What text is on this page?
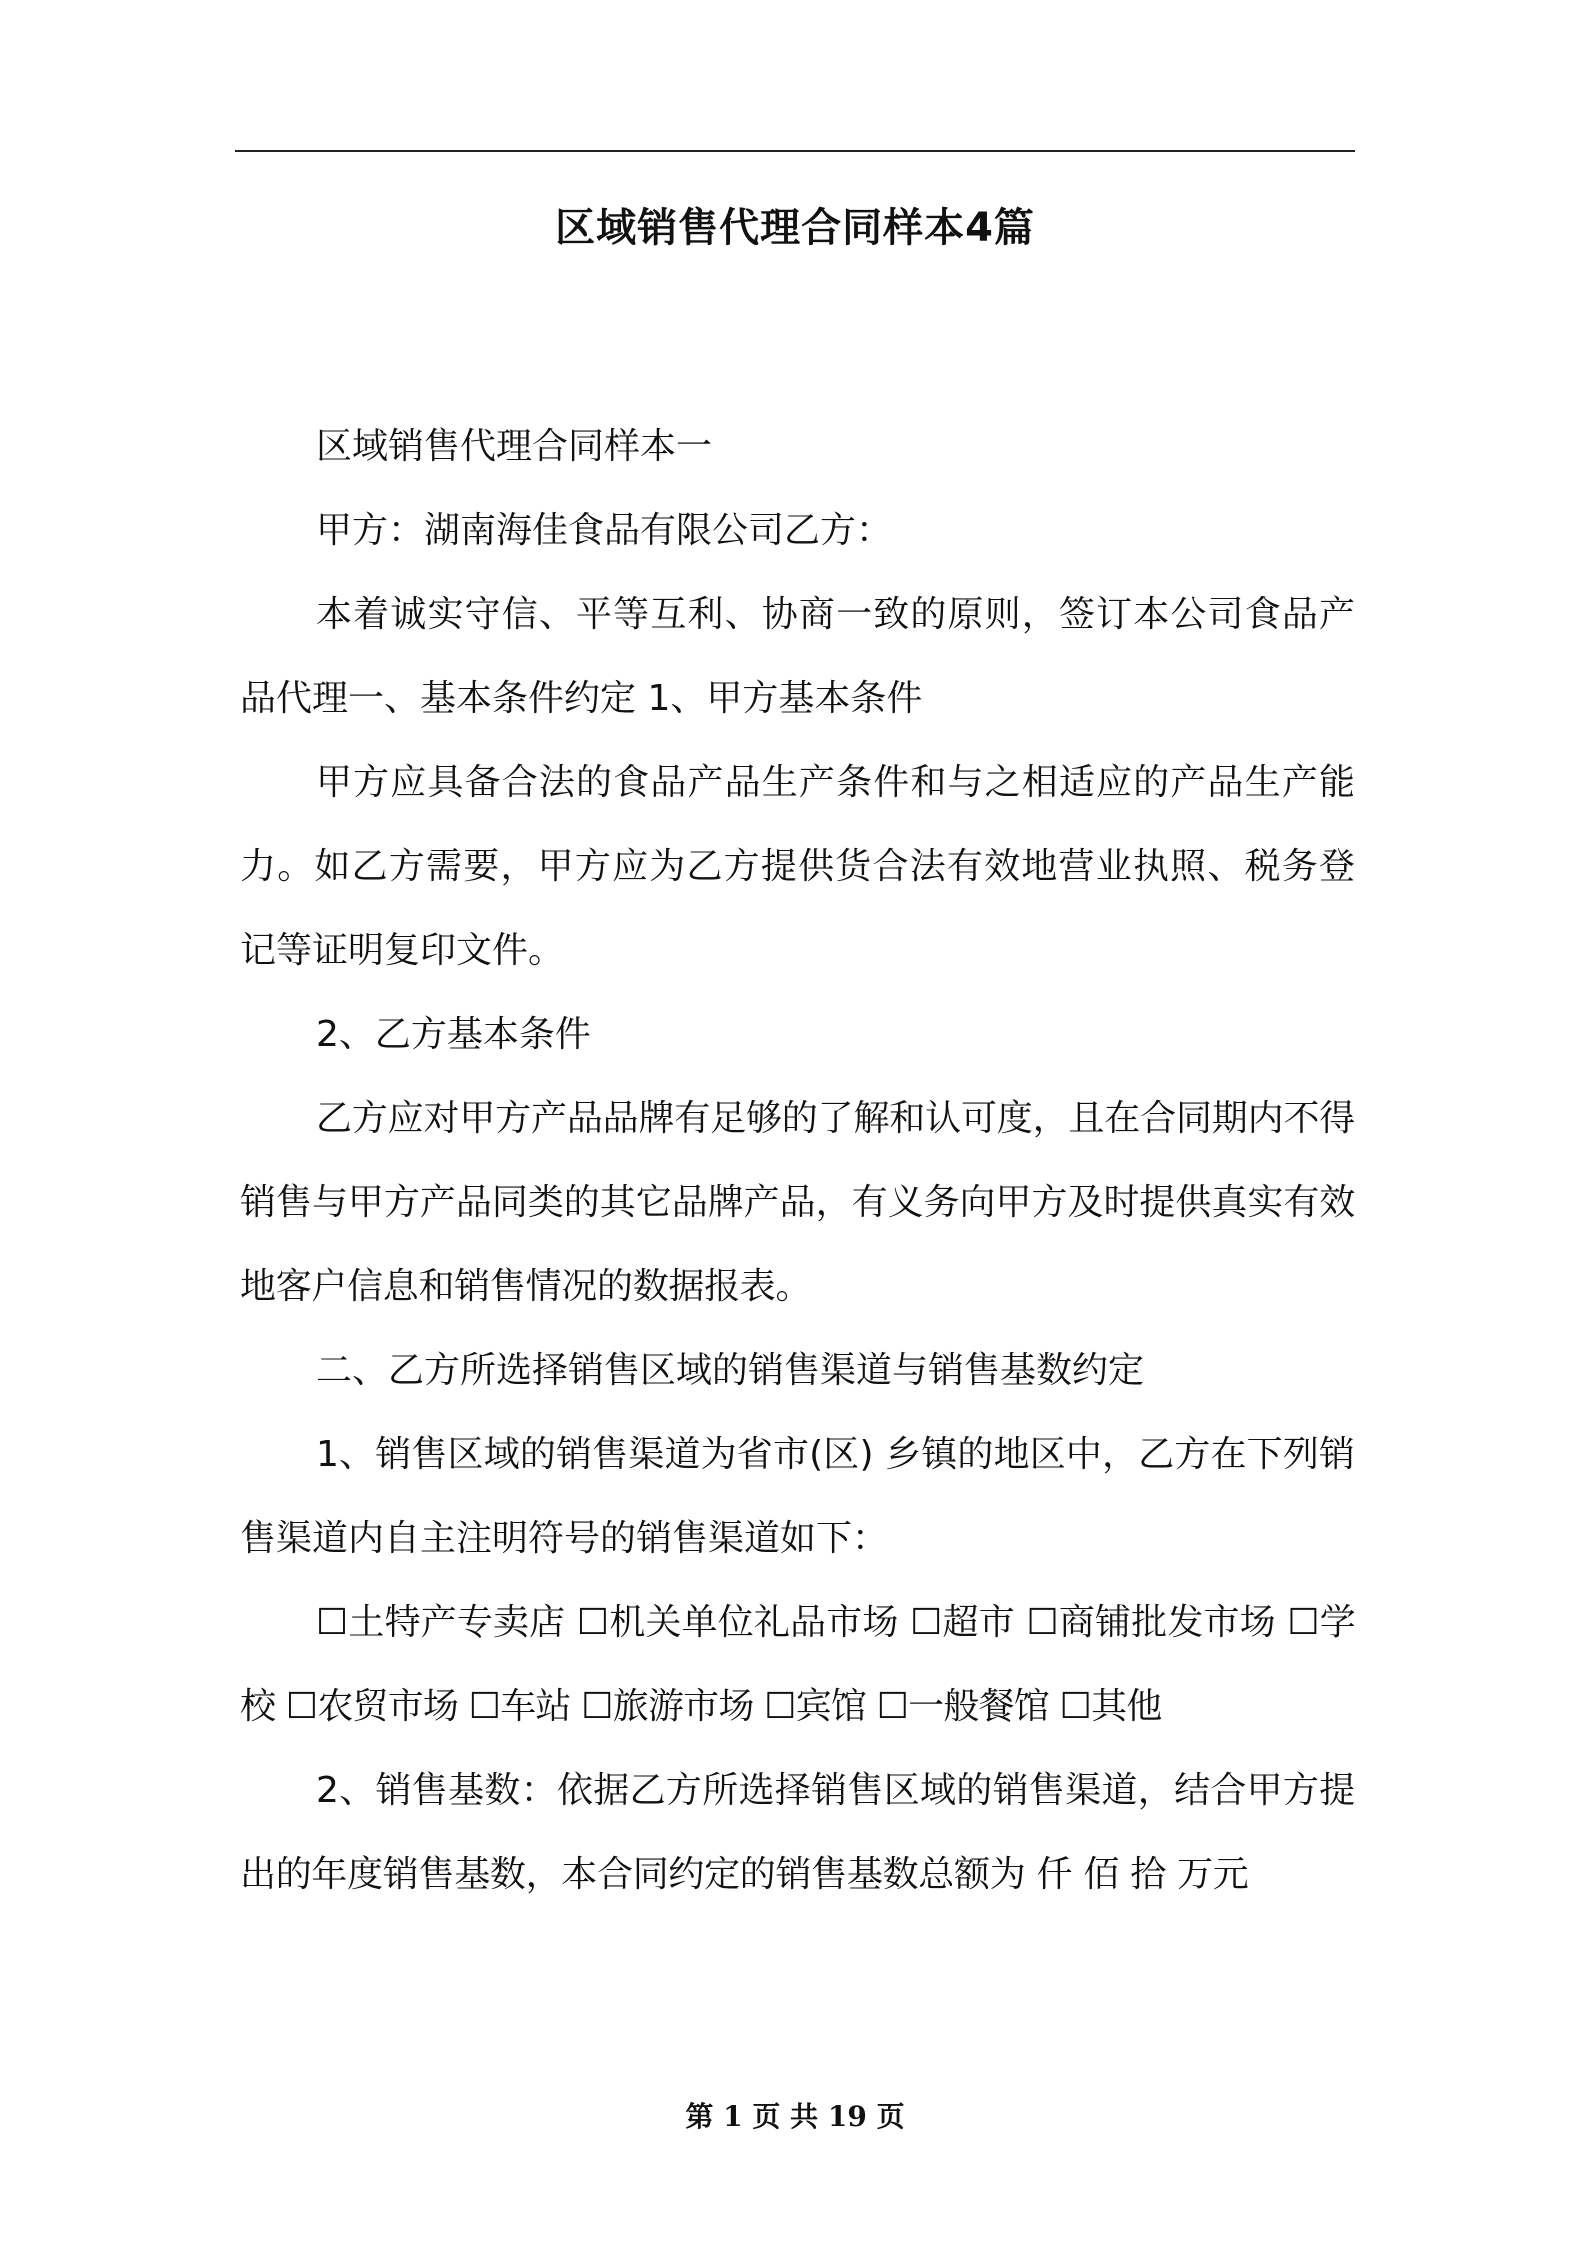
区域销售代理合同样本4篇

区域销售代理合同样本一

甲方：湖南海佳食品有限公司乙方：

本着诚实守信、平等互利、协商一致的原则，签订本公司食品产品代理一、基本条件约定 1、甲方基本条件

甲方应具备合法的食品产品生产条件和与之相适应的产品生产能力。如乙方需要，甲方应为乙方提供货合法有效地营业执照、税务登记等证明复印文件。

2、乙方基本条件

乙方应对甲方产品品牌有足够的了解和认可度，且在合同期内不得销售与甲方产品同类的其它品牌产品，有义务向甲方及时提供真实有效地客户信息和销售情况的数据报表。

二、乙方所选择销售区域的销售渠道与销售基数约定

1、销售区域的销售渠道为省市(区) 乡镇的地区中，乙方在下列销售渠道内自主注明符号的销售渠道如下：

☐土特产专卖店 ☐机关单位礼品市场 ☐超市 ☐商铺批发市场 ☐学校 ☐农贸市场 ☐车站 ☐旅游市场 ☐宾馆 ☐一般餐馆 ☐其他

2、销售基数：依据乙方所选择销售区域的销售渠道，结合甲方提出的年度销售基数，本合同约定的销售基数总额为 仟 佰 拾 万元

第 1 页 共 19 页
